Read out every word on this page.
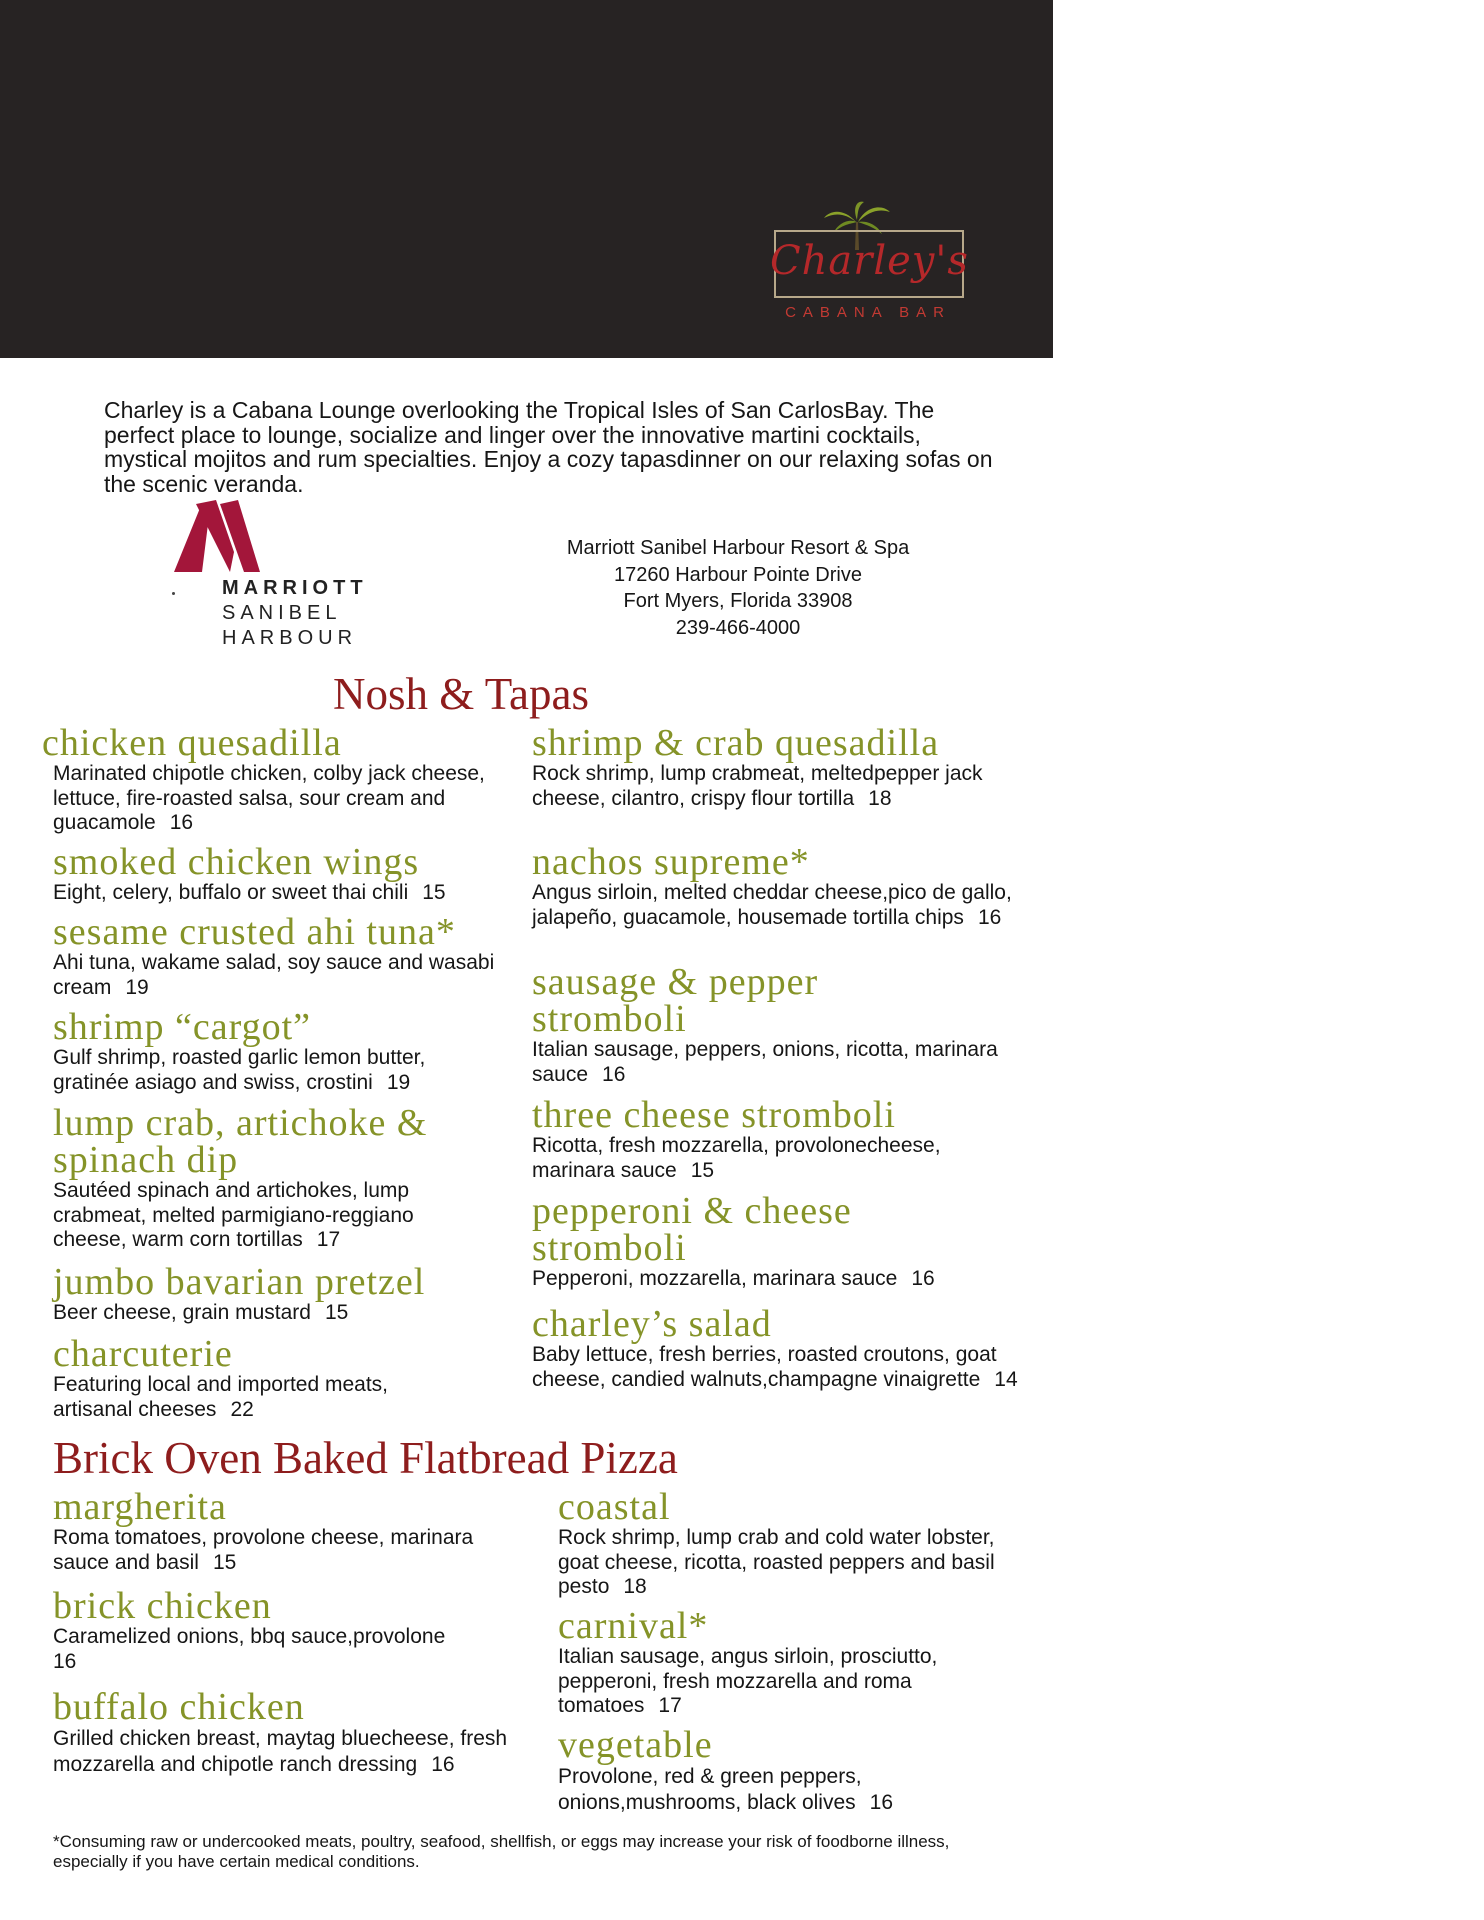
Charley's
CABANA BAR

Charley is a Cabana Lounge overlooking the Tropical Isles of San CarlosBay. The perfect place to lounge, socialize and linger over the innovative martini cocktails, mystical mojitos and rum specialties. Enjoy a cozy tapasdinner on our relaxing sofas on the scenic veranda.

MARRIOTT
SANIBEL
HARBOUR
Marriott Sanibel Harbour Resort & Spa
17260 Harbour Pointe Drive
Fort Myers, Florida 33908
239-466-4000
Nosh & Tapas
chicken quesadilla

Marinated chipotle chicken, colby jack cheese, lettuce, fire-roasted salsa, sour cream and guacamole 16

smoked chicken wings

Eight, celery, buffalo or sweet thai chili 15

sesame crusted ahi tuna*

Ahi tuna, wakame salad, soy sauce and wasabi cream 19

shrimp “cargot”

Gulf shrimp, roasted garlic lemon butter, gratinée asiago and swiss, crostini 19

lump crab, artichoke & spinach dip

Sautéed spinach and artichokes, lump crabmeat, melted parmigiano-reggiano cheese, warm corn tortillas 17

jumbo bavarian pretzel

Beer cheese, grain mustard 15

charcuterie

Featuring local and imported meats, artisanal cheeses 22

shrimp & crab quesadilla

Rock shrimp, lump crabmeat, meltedpepper jack cheese, cilantro, crispy flour tortilla 18

nachos supreme*

Angus sirloin, melted cheddar cheese,pico de gallo, jalapeño, guacamole, housemade tortilla chips 16

sausage & pepper stromboli

Italian sausage, peppers, onions, ricotta, marinara sauce 16

three cheese stromboli

Ricotta, fresh mozzarella, provolonecheese, marinara sauce 15

pepperoni & cheese stromboli

Pepperoni, mozzarella, marinara sauce 16

charley’s salad

Baby lettuce, fresh berries, roasted croutons, goat cheese, candied walnuts,champagne vinaigrette 14

Brick Oven Baked Flatbread Pizza
margherita

Roma tomatoes, provolone cheese, marinara sauce and basil 15

brick chicken

Caramelized onions, bbq sauce,provolone
16

buffalo chicken

Grilled chicken breast, maytag bluecheese, fresh mozzarella and chipotle ranch dressing 16

coastal

Rock shrimp, lump crab and cold water lobster, goat cheese, ricotta, roasted peppers and basil pesto 18

carnival*

Italian sausage, angus sirloin, prosciutto, pepperoni, fresh mozzarella and roma tomatoes 17

vegetable

Provolone, red & green peppers, onions,mushrooms, black olives 16

*Consuming raw or undercooked meats, poultry, seafood, shellfish, or eggs may increase your risk of foodborne illness, especially if you have certain medical conditions.
